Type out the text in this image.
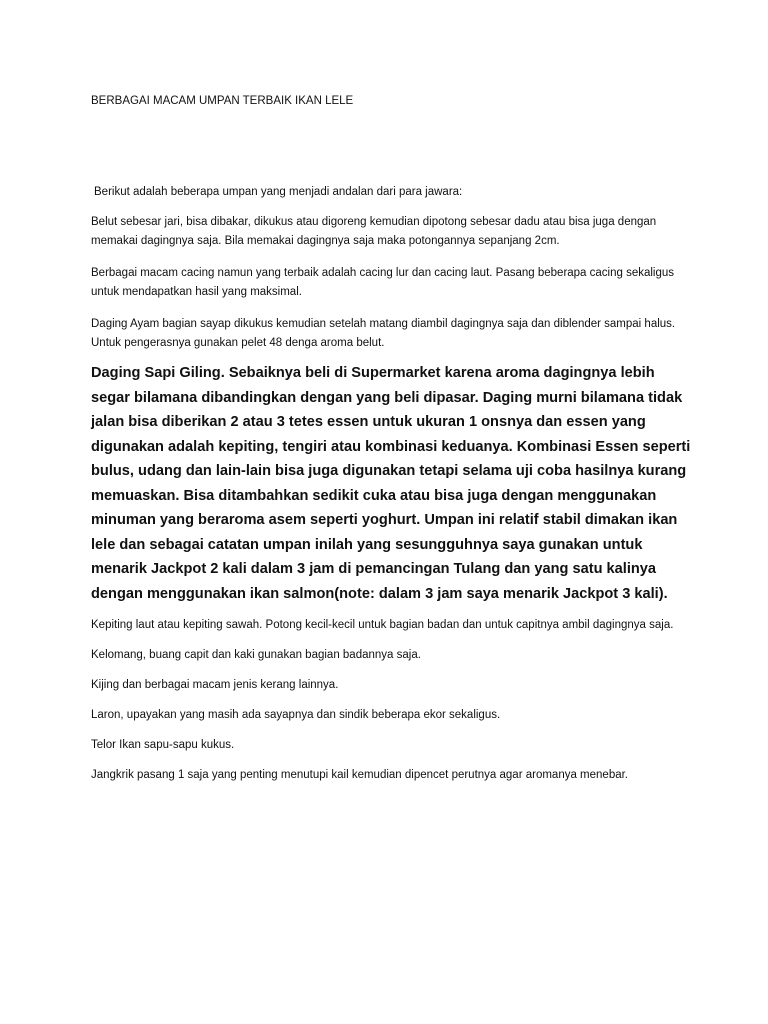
BERBAGAI MACAM UMPAN TERBAIK IKAN LELE

Berikut adalah beberapa umpan yang menjadi andalan dari para jawara:

Belut sebesar jari, bisa dibakar, dikukus atau digoreng kemudian dipotong sebesar dadu atau bisa juga dengan memakai dagingnya saja. Bila memakai dagingnya saja maka potongannya sepanjang 2cm.

Berbagai macam cacing namun yang terbaik adalah cacing lur dan cacing laut. Pasang beberapa cacing sekaligus untuk mendapatkan hasil yang maksimal.

Daging Ayam bagian sayap dikukus kemudian setelah matang diambil dagingnya saja dan diblender sampai halus. Untuk pengerasnya gunakan pelet 48 denga aroma belut.

Daging Sapi Giling. Sebaiknya beli di Supermarket karena aroma dagingnya lebih segar bilamana dibandingkan dengan yang beli dipasar. Daging murni bilamana tidak jalan bisa diberikan 2 atau 3 tetes essen untuk ukuran 1 onsnya dan essen yang digunakan adalah kepiting, tengiri atau kombinasi keduanya. Kombinasi Essen seperti bulus, udang dan lain-lain bisa juga digunakan tetapi selama uji coba hasilnya kurang memuaskan. Bisa ditambahkan sedikit cuka atau bisa juga dengan menggunakan minuman yang beraroma asem seperti yoghurt. Umpan ini relatif stabil dimakan ikan lele dan sebagai catatan umpan inilah yang sesungguhnya saya gunakan untuk menarik Jackpot 2 kali dalam 3 jam di pemancingan Tulang dan yang satu kalinya dengan menggunakan ikan salmon(note: dalam 3 jam saya menarik Jackpot 3 kali).

Kepiting laut atau kepiting sawah. Potong kecil-kecil untuk bagian badan dan untuk capitnya ambil dagingnya saja.

Kelomang, buang capit dan kaki gunakan bagian badannya saja.

Kijing dan berbagai macam jenis kerang lainnya.

Laron, upayakan yang masih ada sayapnya dan sindik beberapa ekor sekaligus.

Telor Ikan sapu-sapu kukus.

Jangkrik pasang 1 saja yang penting menutupi kail kemudian dipencet perutnya agar aromanya menebar.
